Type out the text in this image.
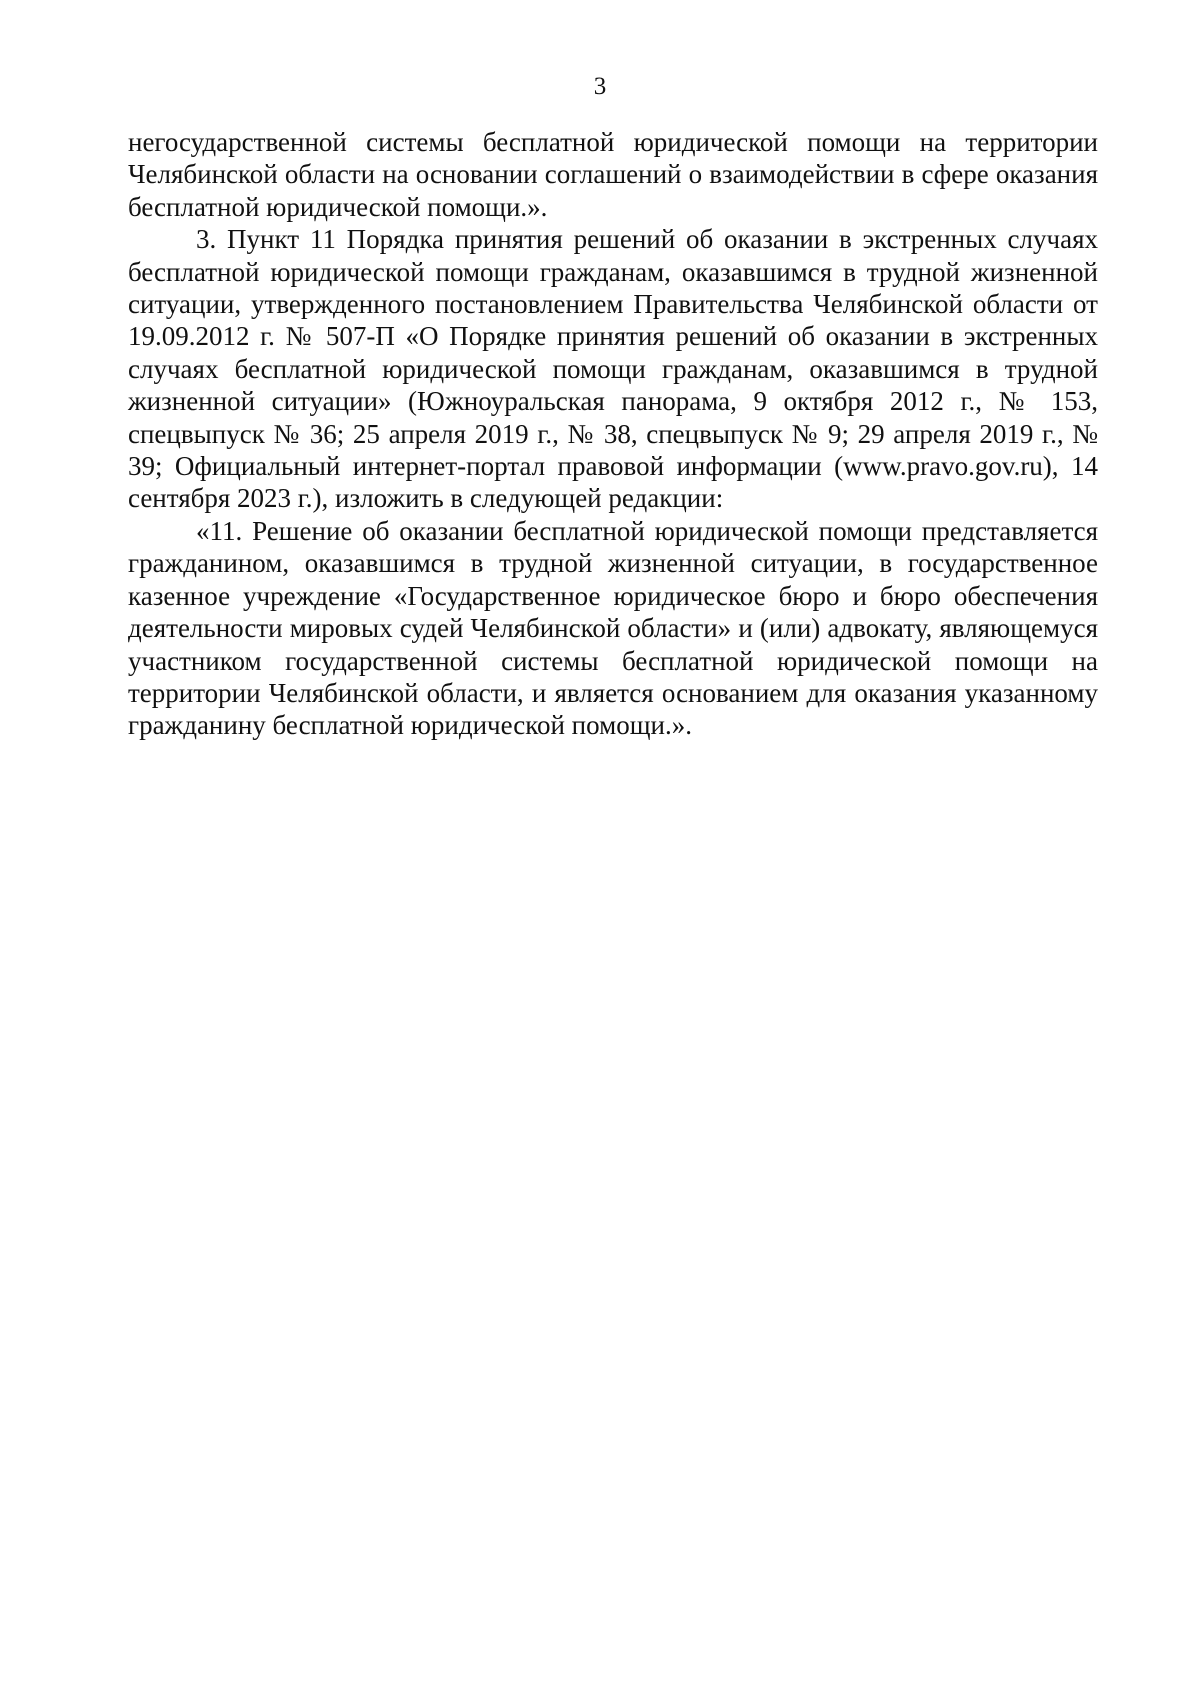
3

негосударственной системы бесплатной юридической помощи на территории Челябинской области на основании соглашений о взаимодействии в сфере оказания бесплатной юридической помощи.».

3. Пункт 11 Порядка принятия решений об оказании в экстренных случаях бесплатной юридической помощи гражданам, оказавшимся в трудной жизненной ситуации, утвержденного постановлением Правительства Челябинской области от 19.09.2012 г. № 507-П «О Порядке принятия решений об оказании в экстренных случаях бесплатной юридической помощи гражданам, оказавшимся в трудной жизненной ситуации» (Южноуральская панорама, 9 октября 2012 г., № 153, спецвыпуск № 36; 25 апреля 2019 г., № 38, спецвыпуск № 9; 29 апреля 2019 г., № 39; Официальный интернет-портал правовой информации (www.pravo.gov.ru), 14 сентября 2023 г.), изложить в следующей редакции:

«11. Решение об оказании бесплатной юридической помощи представляется гражданином, оказавшимся в трудной жизненной ситуации, в государственное казенное учреждение «Государственное юридическое бюро и бюро обеспечения деятельности мировых судей Челябинской области» и (или) адвокату, являющемуся участником государственной системы бесплатной юридической помощи на территории Челябинской области, и является основанием для оказания указанному гражданину бесплатной юридической помощи.».
